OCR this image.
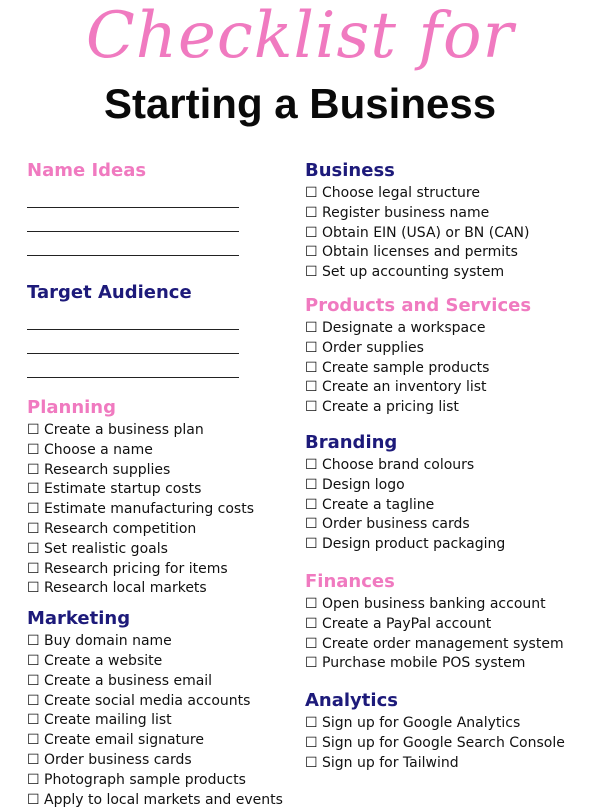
Checklist for
Starting a Business
Name Ideas
Target Audience
Planning
☐ Create a business plan
☐ Choose a name
☐ Research supplies
☐ Estimate startup costs
☐ Estimate manufacturing costs
☐ Research competition
☐ Set realistic goals
☐ Research pricing for items
☐ Research local markets
Marketing
☐ Buy domain name
☐ Create a website
☐ Create a business email
☐ Create social media accounts
☐ Create mailing list
☐ Create email signature
☐ Order business cards
☐ Photograph sample products
☐ Apply to local markets and events
Business
☐ Choose legal structure
☐ Register business name
☐ Obtain EIN (USA) or BN (CAN)
☐ Obtain licenses and permits
☐ Set up accounting system
Products and Services
☐ Designate a workspace
☐ Order supplies
☐ Create sample products
☐ Create an inventory list
☐ Create a pricing list
Branding
☐ Choose brand colours
☐ Design logo
☐ Create a tagline
☐ Order business cards
☐ Design product packaging
Finances
☐ Open business banking account
☐ Create a PayPal account
☐ Create order management system
☐ Purchase mobile POS system
Analytics
☐ Sign up for Google Analytics
☐ Sign up for Google Search Console
☐ Sign up for Tailwind
